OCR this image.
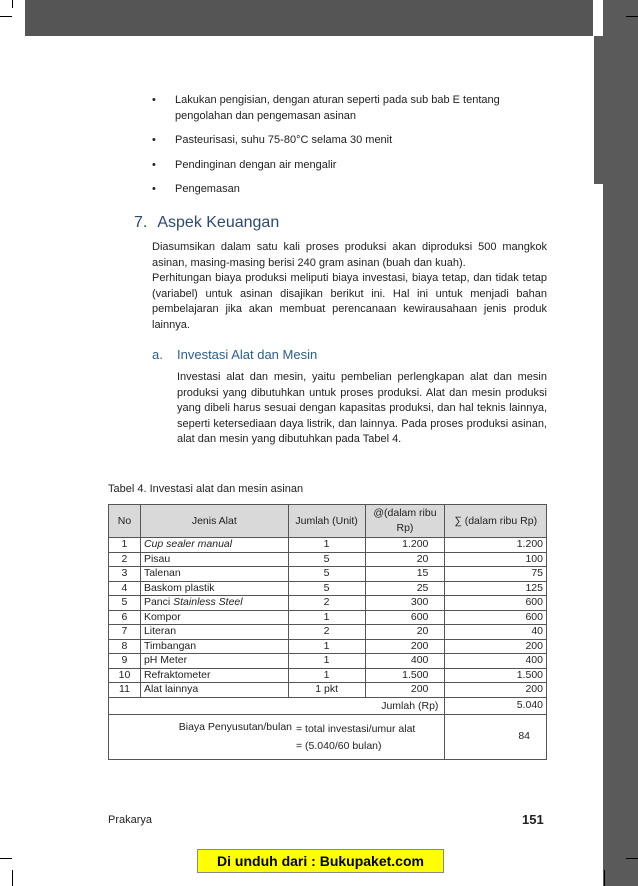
• Lakukan pengisian, dengan aturan seperti pada sub bab E tentang pengolahan dan pengemasan asinan
• Pasteurisasi, suhu 75-80°C selama 30 menit
• Pendinginan dengan air mengalir
• Pengemasan
7. Aspek Keuangan
Diasumsikan dalam satu kali proses produksi akan diproduksi 500 mangkok asinan, masing-masing berisi 240 gram asinan (buah dan kuah).
Perhitungan biaya produksi meliputi biaya investasi, biaya tetap, dan tidak tetap (variabel) untuk asinan disajikan berikut ini. Hal ini untuk menjadi bahan pembelajaran jika akan membuat perencanaan kewirausahaan jenis produk lainnya.
a. Investasi Alat dan Mesin
Investasi alat dan mesin, yaitu pembelian perlengkapan alat dan mesin produksi yang dibutuhkan untuk proses produksi. Alat dan mesin produksi yang dibeli harus sesuai dengan kapasitas produksi, dan hal teknis lainnya, seperti ketersediaan daya listrik, dan lainnya. Pada proses produksi asinan, alat dan mesin yang dibutuhkan pada Tabel 4.
Tabel 4. Investasi alat dan mesin asinan
No	Jenis Alat	Jumlah (Unit)	@(dalam ribu Rp)	∑ (dalam ribu Rp)
1	Cup sealer manual	1	1.200	1.200
2	Pisau	5	20	100
3	Talenan	5	15	75
4	Baskom plastik	5	25	125
5	Panci Stainless Steel	2	300	600
6	Kompor	1	600	600
7	Literan	2	20	40
8	Timbangan	1	200	200
9	pH Meter	1	400	400
10	Refraktometer	1	1.500	1.500
11	Alat lainnya	1 pkt	200	200
Jumlah (Rp)				5.040

Biaya Penyusutan/bulan = total investasi/umur alat
= (5.040/60 bulan)				84
Prakarya	151
Di unduh dari : Bukupaket.com
